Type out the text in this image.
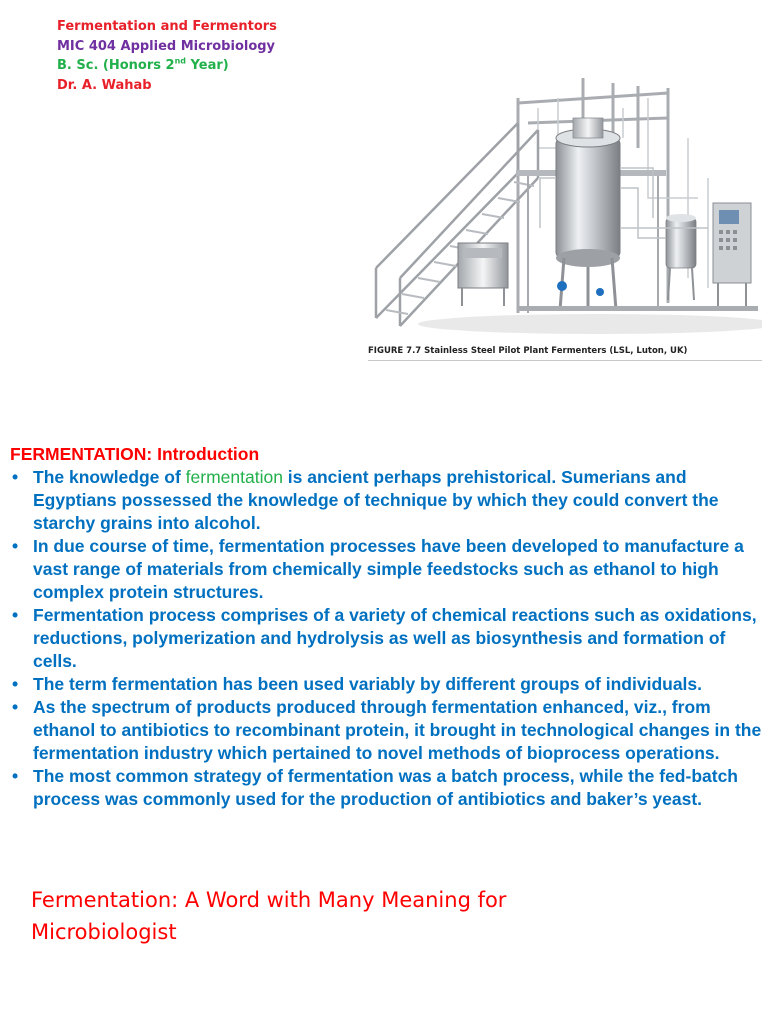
Fermentation and Fermentors
MIC 404 Applied Microbiology
B. Sc. (Honors 2nd Year)
Dr. A. Wahab
FIGURE 7.7 Stainless Steel Pilot Plant Fermenters (LSL, Luton, UK)
FERMENTATION: Introduction
• The knowledge of fermentation is ancient perhaps prehistorical. Sumerians and Egyptians possessed the knowledge of technique by which they could convert the starchy grains into alcohol.
• In due course of time, fermentation processes have been developed to manufacture a vast range of materials from chemically simple feedstocks such as ethanol to high complex protein structures.
• Fermentation process comprises of a variety of chemical reactions such as oxidations, reductions, polymerization and hydrolysis as well as biosynthesis and formation of cells.
• The term fermentation has been used variably by different groups of individuals.
• As the spectrum of products produced through fermentation enhanced, viz., from ethanol to antibiotics to recombinant protein, it brought in technological changes in the fermentation industry which pertained to novel methods of bioprocess operations.
• The most common strategy of fermentation was a batch process, while the fed-batch process was commonly used for the production of antibiotics and baker’s yeast.
Fermentation: A Word with Many Meaning for Microbiologist
